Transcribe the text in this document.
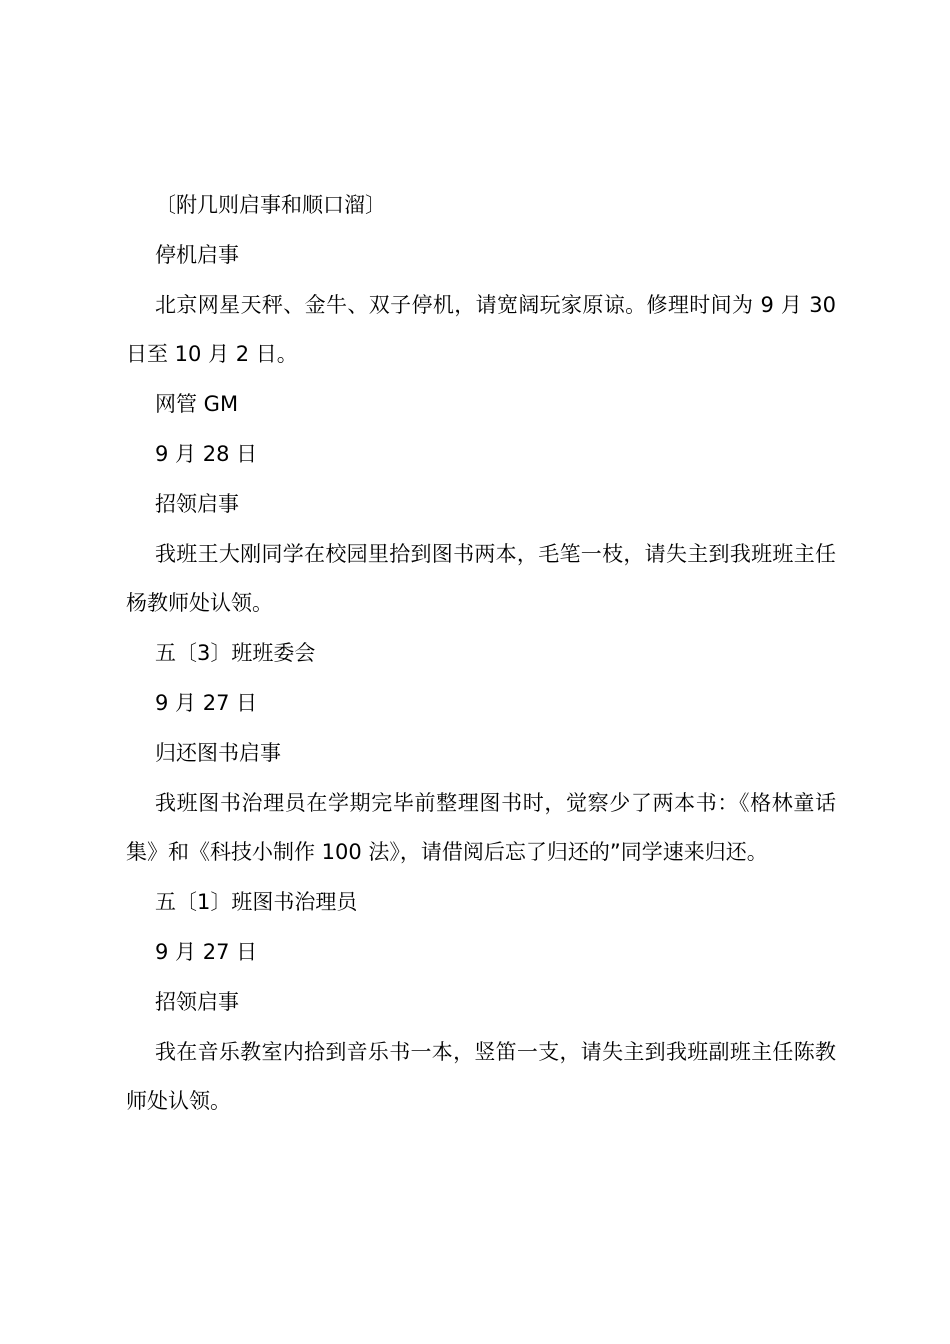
〔附几则启事和顺口溜〕

停机启事

北京网星天秤、金牛、双子停机，请宽阔玩家原谅。修理时间为 9 月 30 日至 10 月 2 日。

网管 GM

9 月 28 日

招领启事

我班王大刚同学在校园里拾到图书两本，毛笔一枝，请失主到我班班主任杨教师处认领。

五〔3〕班班委会

9 月 27 日

归还图书启事

我班图书治理员在学期完毕前整理图书时，觉察少了两本书：《格林童话集》和《科技小制作 100 法》，请借阅后忘了归还的”同学速来归还。

五〔1〕班图书治理员

9 月 27 日

招领启事

我在音乐教室内拾到音乐书一本，竖笛一支，请失主到我班副班主任陈教师处认领。
